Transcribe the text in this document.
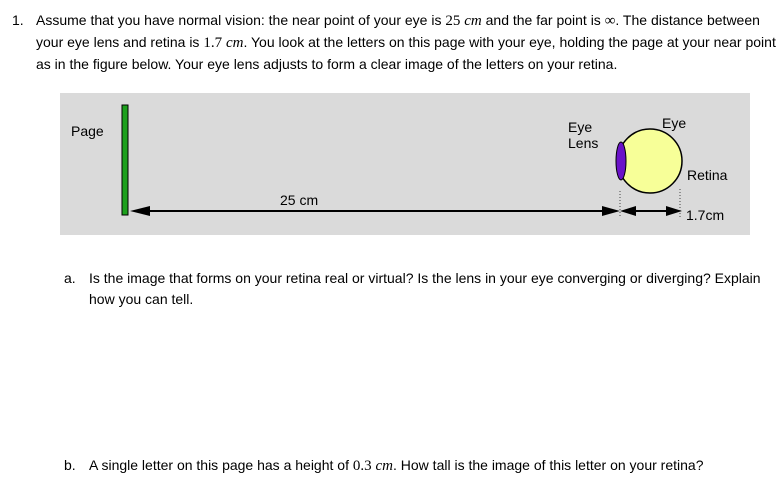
1. Assume that you have normal vision: the near point of your eye is 25 cm and the far point is ∞. The distance between your eye lens and retina is 1.7 cm. You look at the letters on this page with your eye, holding the page at your near point as in the figure below. Your eye lens adjusts to form a clear image of the letters on your retina.
Page
25 cm
Eye
Lens
Eye
Retina
1.7cm
a. Is the image that forms on your retina real or virtual? Is the lens in your eye converging or diverging? Explain how you can tell.
b. A single letter on this page has a height of 0.3 cm. How tall is the image of this letter on your retina?
